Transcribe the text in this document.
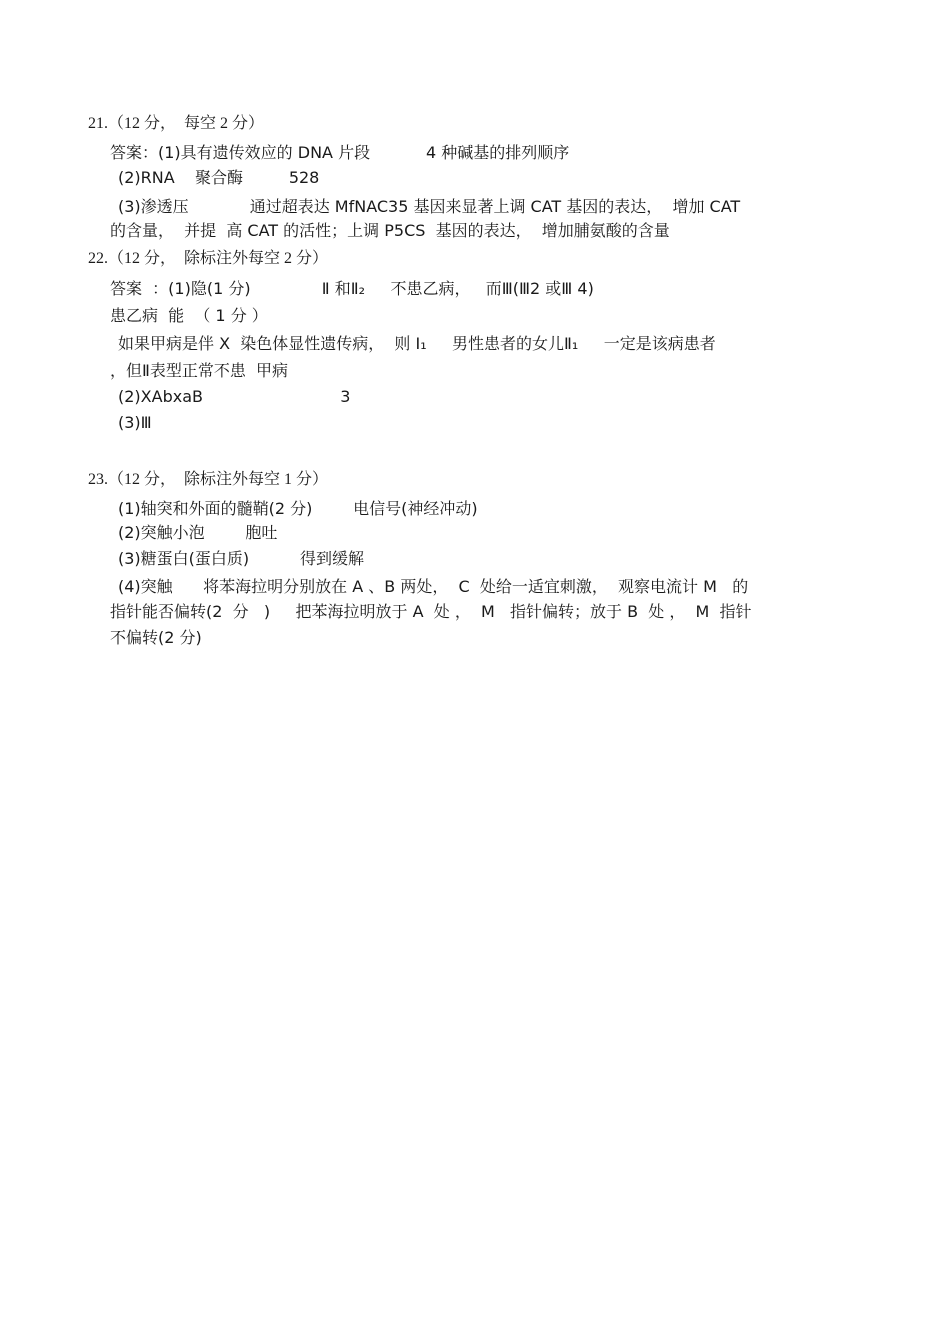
21.（12 分，  每空 2 分）
答案：(1)具有遗传效应的 DNA 片段           4 种碱基的排列顺序
(2)RNA    聚合酶         528
(3)渗透压            通过超表达 MfNAC35 基因来显著上调 CAT 基因的表达，  增加 CAT
的含量，  并提  高 CAT 的活性；上调 P5CS  基因的表达，  增加脯氨酸的含量
22.（12 分，  除标注外每空 2 分）
答案  ：(1)隐(1 分)              Ⅱ 和Ⅱ₂     不患乙病，   而Ⅲ(Ⅲ2 或Ⅲ 4)
患乙病  能  （ 1 分 ）
如果甲病是伴 X  染色体显性遗传病，  则 I₁     男性患者的女儿Ⅱ₁     一定是该病患者
，但Ⅱ表型正常不患  甲病
(2)XAbxaB                           3
(3)Ⅲ
23.（12 分，  除标注外每空 1 分）
(1)轴突和外面的髓鞘(2 分)        电信号(神经冲动)
(2)突触小泡        胞吐
(3)糖蛋白(蛋白质)          得到缓解
(4)突触      将苯海拉明分别放在 A 、B 两处，  C  处给一适宜刺激，  观察电流计 M   的
指针能否偏转(2  分   )     把苯海拉明放于 A  处 ，  M   指针偏转；放于 B  处 ，  M  指针
不偏转(2 分)
